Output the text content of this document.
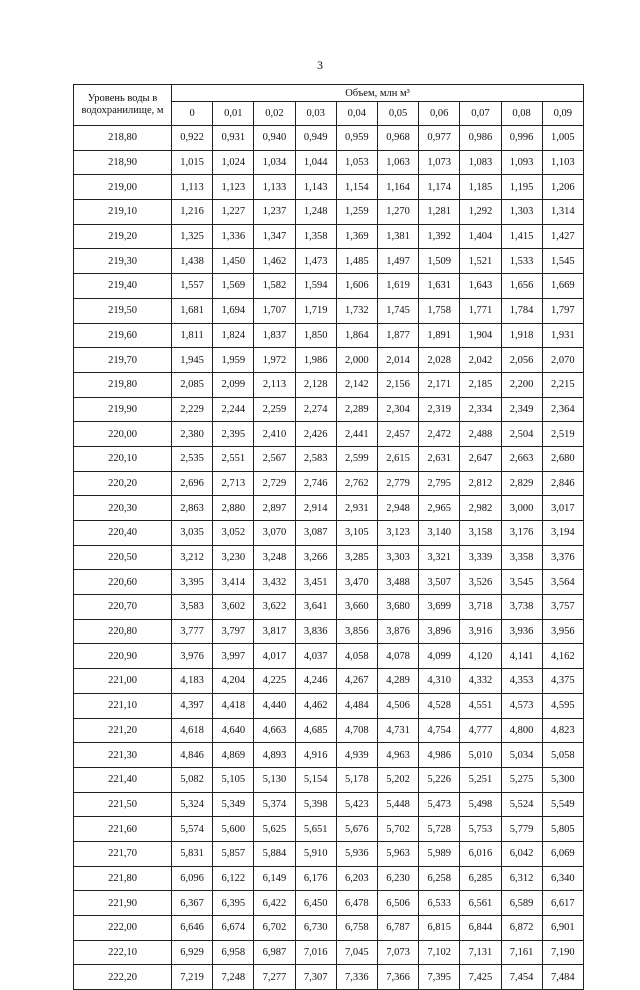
3
Уровень воды в водохранилище, м	Объем, млн м³									
	0	0,01	0,02	0,03	0,04	0,05	0,06	0,07	0,08	0,09
218,80	0,922	0,931	0,940	0,949	0,959	0,968	0,977	0,986	0,996	1,005
218,90	1,015	1,024	1,034	1,044	1,053	1,063	1,073	1,083	1,093	1,103
219,00	1,113	1,123	1,133	1,143	1,154	1,164	1,174	1,185	1,195	1,206
219,10	1,216	1,227	1,237	1,248	1,259	1,270	1,281	1,292	1,303	1,314
219,20	1,325	1,336	1,347	1,358	1,369	1,381	1,392	1,404	1,415	1,427
219,30	1,438	1,450	1,462	1,473	1,485	1,497	1,509	1,521	1,533	1,545
219,40	1,557	1,569	1,582	1,594	1,606	1,619	1,631	1,643	1,656	1,669
219,50	1,681	1,694	1,707	1,719	1,732	1,745	1,758	1,771	1,784	1,797
219,60	1,811	1,824	1,837	1,850	1,864	1,877	1,891	1,904	1,918	1,931
219,70	1,945	1,959	1,972	1,986	2,000	2,014	2,028	2,042	2,056	2,070
219,80	2,085	2,099	2,113	2,128	2,142	2,156	2,171	2,185	2,200	2,215
219,90	2,229	2,244	2,259	2,274	2,289	2,304	2,319	2,334	2,349	2,364
220,00	2,380	2,395	2,410	2,426	2,441	2,457	2,472	2,488	2,504	2,519
220,10	2,535	2,551	2,567	2,583	2,599	2,615	2,631	2,647	2,663	2,680
220,20	2,696	2,713	2,729	2,746	2,762	2,779	2,795	2,812	2,829	2,846
220,30	2,863	2,880	2,897	2,914	2,931	2,948	2,965	2,982	3,000	3,017
220,40	3,035	3,052	3,070	3,087	3,105	3,123	3,140	3,158	3,176	3,194
220,50	3,212	3,230	3,248	3,266	3,285	3,303	3,321	3,339	3,358	3,376
220,60	3,395	3,414	3,432	3,451	3,470	3,488	3,507	3,526	3,545	3,564
220,70	3,583	3,602	3,622	3,641	3,660	3,680	3,699	3,718	3,738	3,757
220,80	3,777	3,797	3,817	3,836	3,856	3,876	3,896	3,916	3,936	3,956
220,90	3,976	3,997	4,017	4,037	4,058	4,078	4,099	4,120	4,141	4,162
221,00	4,183	4,204	4,225	4,246	4,267	4,289	4,310	4,332	4,353	4,375
221,10	4,397	4,418	4,440	4,462	4,484	4,506	4,528	4,551	4,573	4,595
221,20	4,618	4,640	4,663	4,685	4,708	4,731	4,754	4,777	4,800	4,823
221,30	4,846	4,869	4,893	4,916	4,939	4,963	4,986	5,010	5,034	5,058
221,40	5,082	5,105	5,130	5,154	5,178	5,202	5,226	5,251	5,275	5,300
221,50	5,324	5,349	5,374	5,398	5,423	5,448	5,473	5,498	5,524	5,549
221,60	5,574	5,600	5,625	5,651	5,676	5,702	5,728	5,753	5,779	5,805
221,70	5,831	5,857	5,884	5,910	5,936	5,963	5,989	6,016	6,042	6,069
221,80	6,096	6,122	6,149	6,176	6,203	6,230	6,258	6,285	6,312	6,340
221,90	6,367	6,395	6,422	6,450	6,478	6,506	6,533	6,561	6,589	6,617
222,00	6,646	6,674	6,702	6,730	6,758	6,787	6,815	6,844	6,872	6,901
222,10	6,929	6,958	6,987	7,016	7,045	7,073	7,102	7,131	7,161	7,190
222,20	7,219	7,248	7,277	7,307	7,336	7,366	7,395	7,425	7,454	7,484
